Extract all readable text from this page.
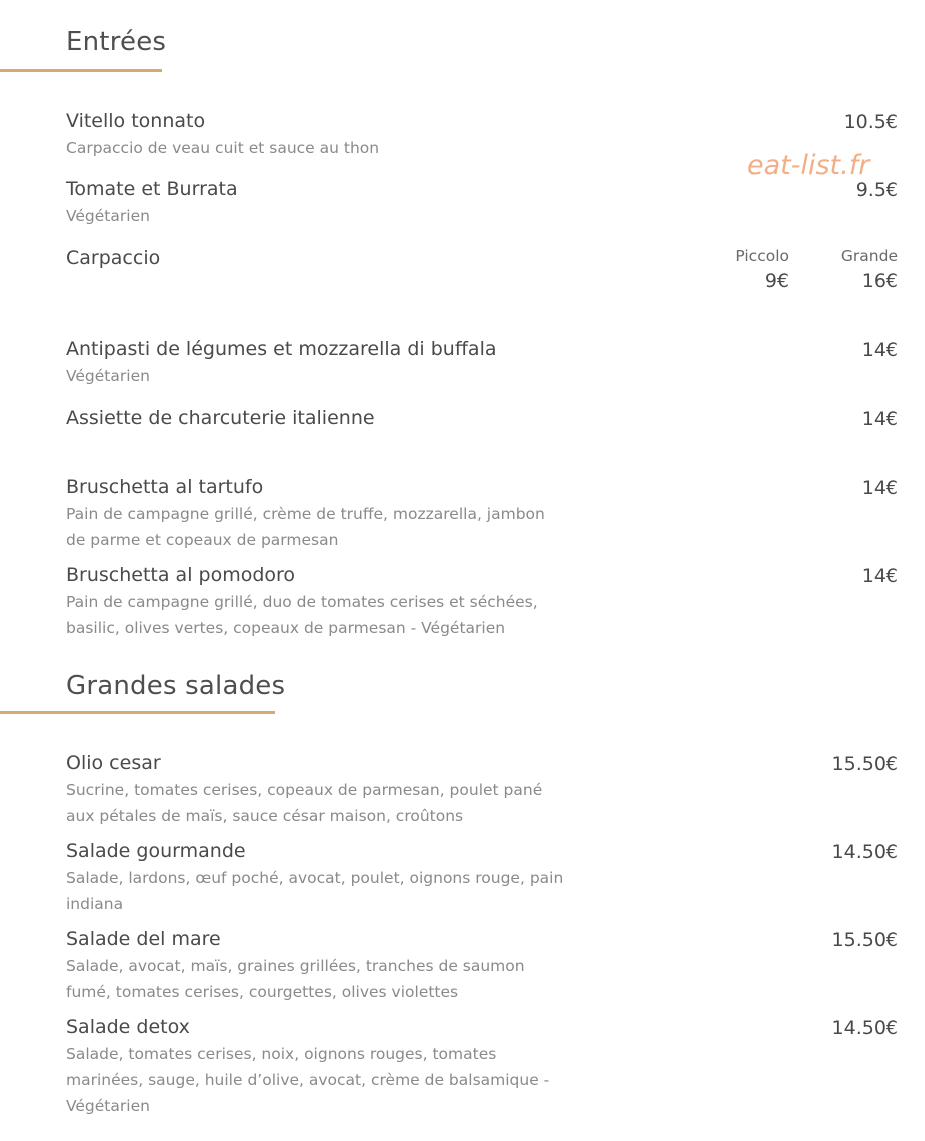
Entrées
Vitello tonnato
Carpaccio de veau cuit et sauce au thon
10.5€
Tomate et Burrata
Végétarien
9.5€
Carpaccio	Piccolo
9€
Grande
16€
Antipasti de légumes et mozzarella di buffala
Végétarien
14€
Assiette de charcuterie italienne	14€
Bruschetta al tartufo
Pain de campagne grillé, crème de truffe, mozzarella, jambon de parme et copeaux de parmesan
14€
Bruschetta al pomodoro
Pain de campagne grillé, duo de tomates cerises et séchées, basilic, olives vertes, copeaux de parmesan - Végétarien
14€
Grandes salades
Olio cesar
Sucrine, tomates cerises, copeaux de parmesan, poulet pané aux pétales de maïs, sauce césar maison, croûtons
15.50€
Salade gourmande
Salade, lardons, œuf poché, avocat, poulet, oignons rouge, pain indiana
14.50€
Salade del mare
Salade, avocat, maïs, graines grillées, tranches de saumon fumé, tomates cerises, courgettes, olives violettes
15.50€
Salade detox
Salade, tomates cerises, noix, oignons rouges, tomates marinées, sauge, huile d’olive, avocat, crème de balsamique - Végétarien
14.50€
eat-list.fr
